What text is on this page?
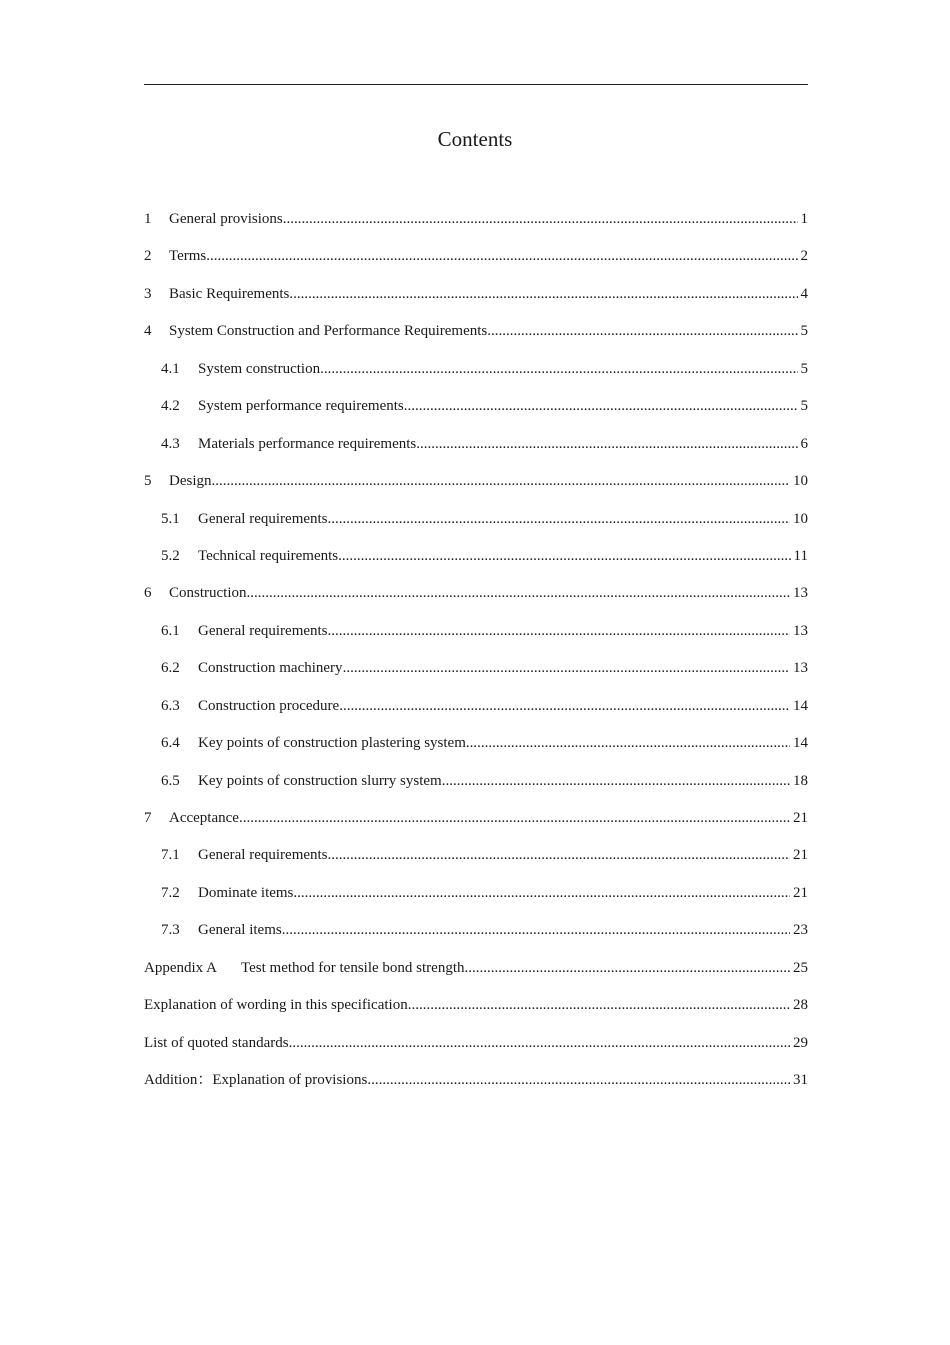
Contents
1	General provisions .....	1
2	Terms .....	2
3	Basic Requirements .....	4
4	System Construction and Performance Requirements .....	5
4.1	System construction .....	5
4.2	System performance requirements .....	5
4.3	Materials performance requirements .....	6
5	Design .....	10
5.1	General requirements .....	10
5.2	Technical requirements .....	11
6	Construction .....	13
6.1	General requirements .....	13
6.2	Construction machinery .....	13
6.3	Construction procedure .....	14
6.4	Key points of construction plastering system .....	14
6.5	Key points of construction slurry system .....	18
7	Acceptance .....	21
7.1	General requirements .....	21
7.2	Dominate items .....	21
7.3	General items .....	23
Appendix A	Test method for tensile bond strength .....	25
Explanation of wording in this specification .....	28
List of quoted standards .....	29
Addition：Explanation of provisions .....	31
